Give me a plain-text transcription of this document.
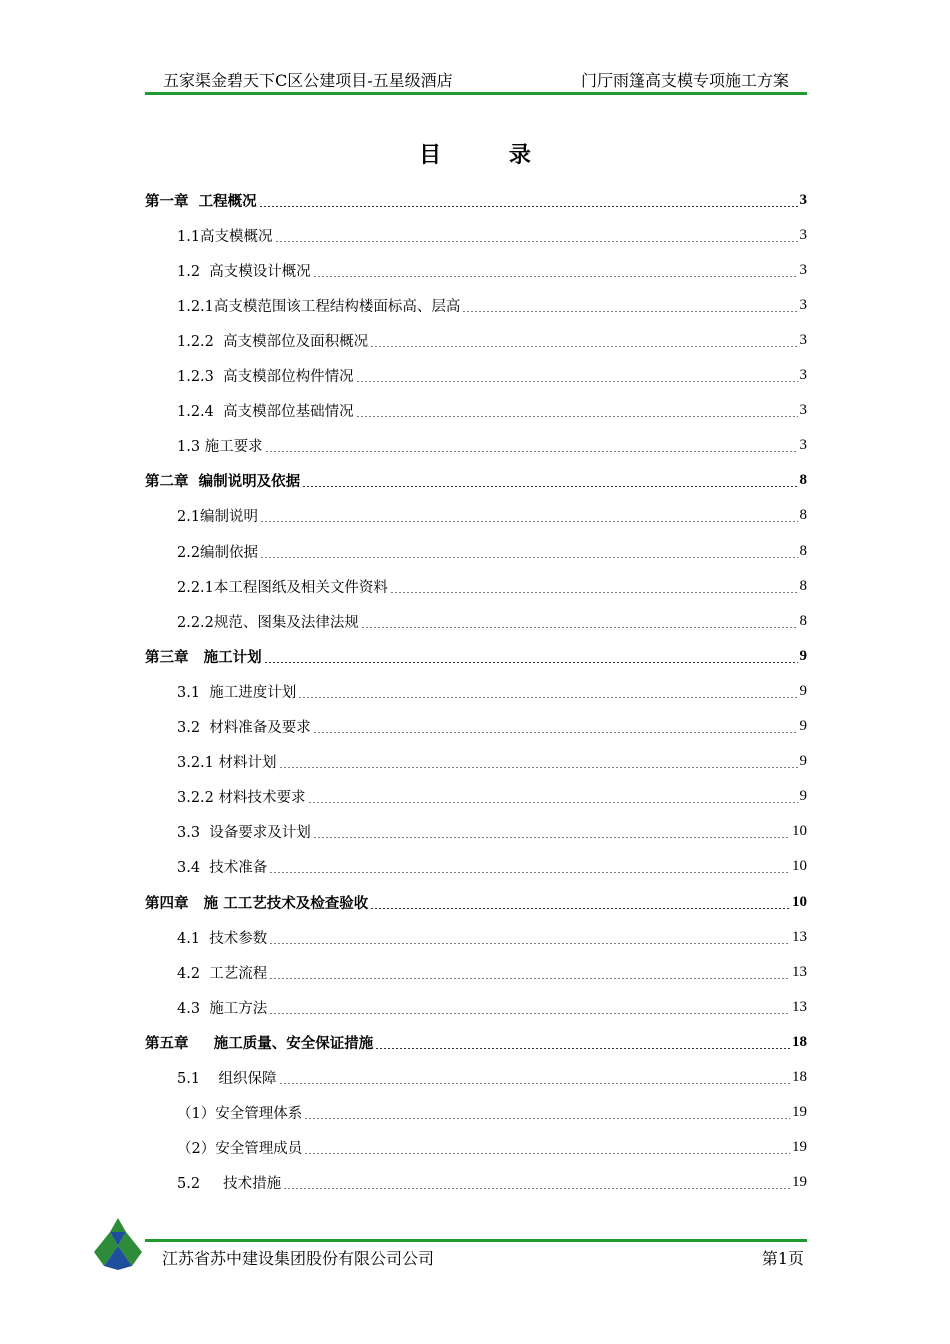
五家渠金碧天下C区公建项目-五星级酒店	门厅雨篷高支模专项施工方案
目 录
第一章  工程概况	3
1.1高支模概况	3
1.2  高支模设计概况	3
1.2.1高支模范围该工程结构楼面标高、层高	3
1.2.2  高支模部位及面积概况	3
1.2.3  高支模部位构件情况	3
1.2.4  高支模部位基础情况	3
1.3 施工要求	3
第二章  编制说明及依据	8
2.1编制说明	8
2.2编制依据	8
2.2.1本工程图纸及相关文件资料	8
2.2.2规范、图集及法律法规	8
第三章   施工计划	9
3.1  施工进度计划	9
3.2  材料准备及要求	9
3.2.1 材料计划	9
3.2.2 材料技术要求	9
3.3  设备要求及计划	10
3.4  技术准备	10
第四章   施 工工艺技术及检查验收	10
4.1  技术参数	13
4.2  工艺流程	13
4.3  施工方法	13
第五章     施工质量、安全保证措施	18
5.1    组织保障	18
（1）安全管理体系	19
（2）安全管理成员	19
5.2     技术措施	19
江苏省苏中建设集团股份有限公司公司	第1页
